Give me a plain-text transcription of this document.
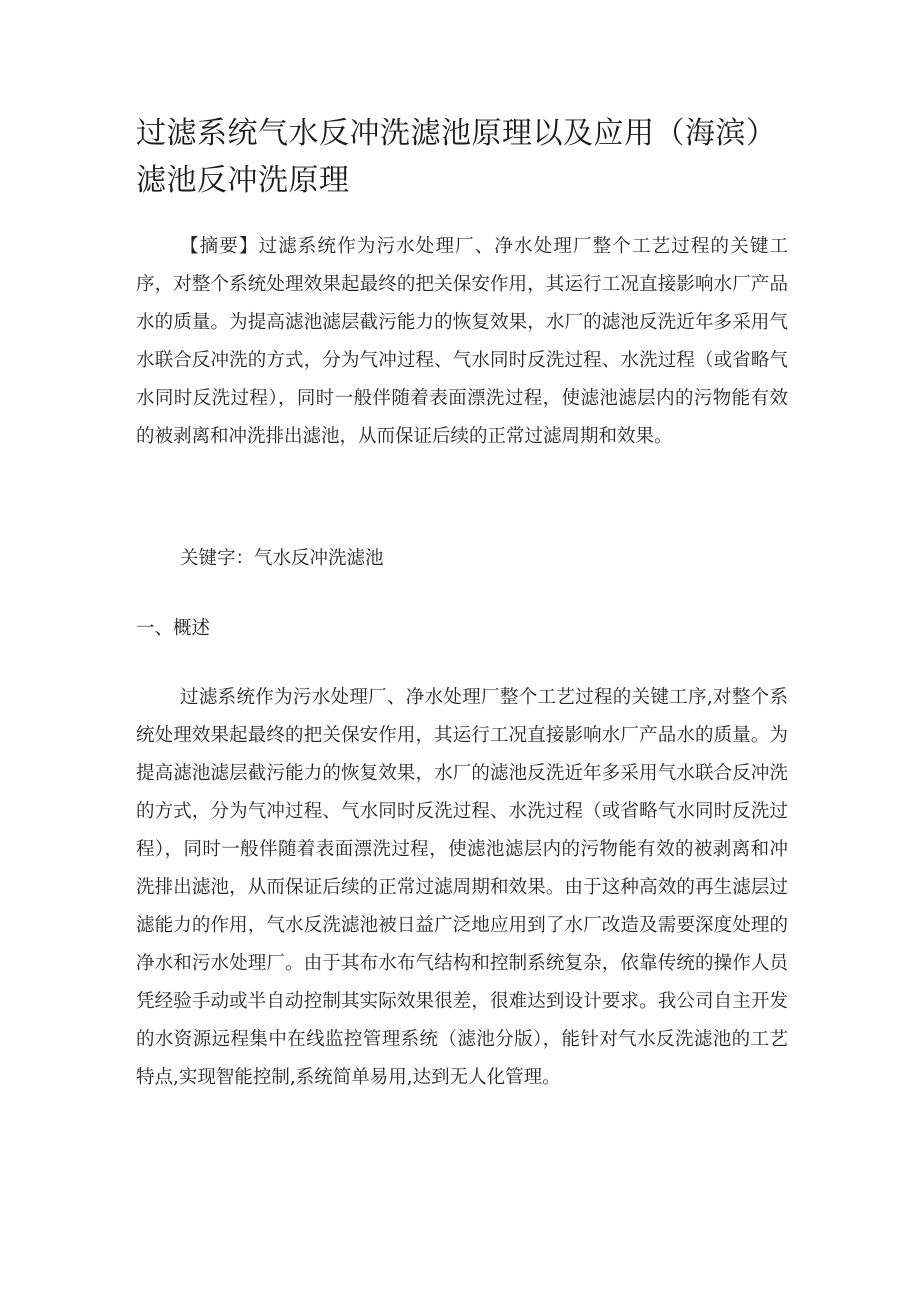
过滤系统气水反冲洗滤池原理以及应用（海滨）滤池反冲洗原理

【摘要】过滤系统作为污水处理厂、净水处理厂整个工艺过程的关键工序，对整个系统处理效果起最终的把关保安作用，其运行工况直接影响水厂产品水的质量。为提高滤池滤层截污能力的恢复效果，水厂的滤池反洗近年多采用气水联合反冲洗的方式，分为气冲过程、气水同时反洗过程、水洗过程（或省略气水同时反洗过程），同时一般伴随着表面漂洗过程，使滤池滤层内的污物能有效的被剥离和冲洗排出滤池，从而保证后续的正常过滤周期和效果。

关键字：气水反冲洗滤池

一、概述

过滤系统作为污水处理厂、净水处理厂整个工艺过程的关键工序,对整个系统处理效果起最终的把关保安作用，其运行工况直接影响水厂产品水的质量。为提高滤池滤层截污能力的恢复效果，水厂的滤池反洗近年多采用气水联合反冲洗的方式，分为气冲过程、气水同时反洗过程、水洗过程（或省略气水同时反洗过程），同时一般伴随着表面漂洗过程，使滤池滤层内的污物能有效的被剥离和冲洗排出滤池，从而保证后续的正常过滤周期和效果。由于这种高效的再生滤层过滤能力的作用，气水反洗滤池被日益广泛地应用到了水厂改造及需要深度处理的净水和污水处理厂。由于其布水布气结构和控制系统复杂，依靠传统的操作人员凭经验手动或半自动控制其实际效果很差，很难达到设计要求。我公司自主开发的水资源远程集中在线监控管理系统（滤池分版），能针对气水反洗滤池的工艺特点,实现智能控制,系统简单易用,达到无人化管理。
